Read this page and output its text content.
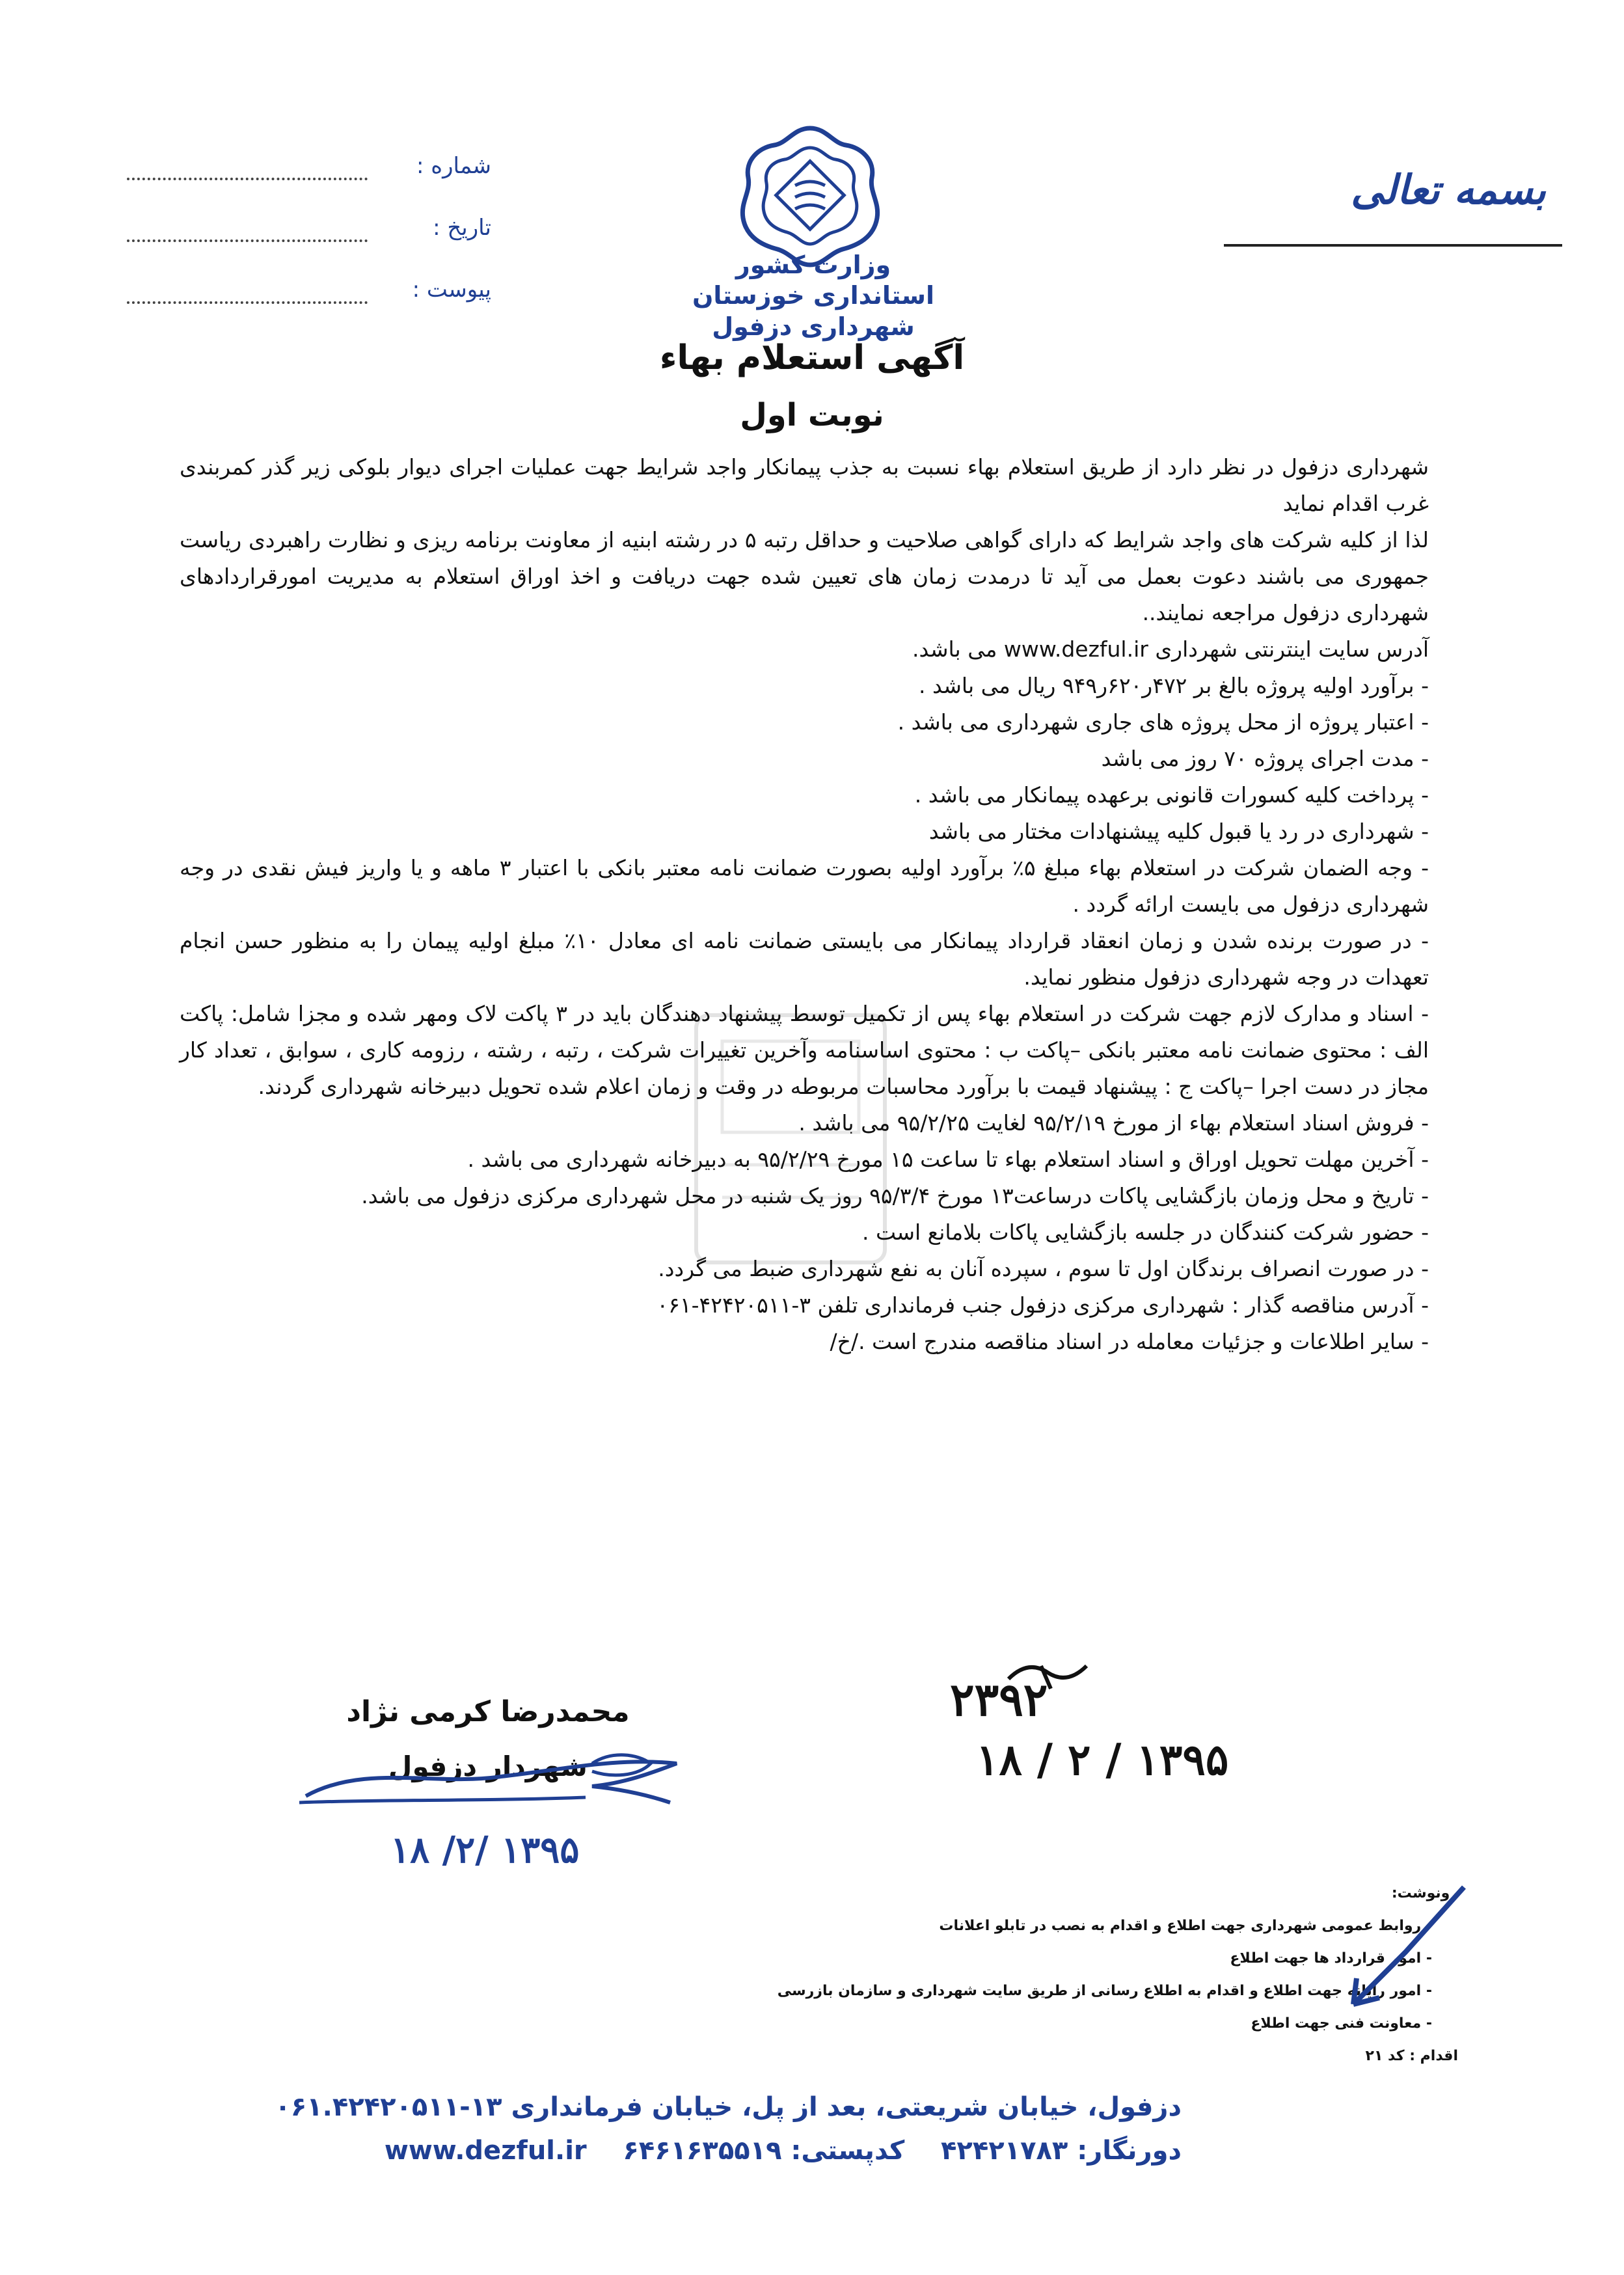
شماره :
تاریخ :
پیوست :
بسمه تعالی
وزارت کشور
استانداری خوزستان
شهرداری دزفول
آگهی استعلام بهاء
نوبت اول

شهرداری دزفول در نظر دارد از طریق استعلام بهاء نسبت به جذب پیمانکار واجد شرایط جهت عملیات اجرای دیوار بلوکی زیر گذر کمربندی غرب اقدام نماید

لذا از کلیه شرکت های واجد شرایط که دارای گواهی صلاحیت و حداقل رتبه ۵ در رشته ابنیه از معاونت برنامه ریزی و نظارت راهبردی ریاست جمهوری می باشند دعوت بعمل می آید تا درمدت زمان های تعیین شده جهت دریافت و اخذ اوراق استعلام به مدیریت امورقراردادهای شهرداری دزفول مراجعه نمایند..

آدرس سایت اینترنتی شهرداری www.dezful.ir می باشد.

- برآورد اولیه پروژه بالغ بر ۴۷۲ر۶۲۰ر۹۴۹ ریال می باشد .

- اعتبار پروژه از محل پروژه های جاری شهرداری می باشد .

- مدت اجرای پروژه ۷۰ روز می باشد

- پرداخت کلیه کسورات قانونی برعهده پیمانکار می باشد .

- شهرداری در رد یا قبول کلیه پیشنهادات مختار می باشد

- وجه الضمان شرکت در استعلام بهاء مبلغ ۵٪ برآورد اولیه بصورت ضمانت نامه معتبر بانکی با اعتبار ۳ ماهه و یا واریز فیش نقدی در وجه شهرداری دزفول می بایست ارائه گردد .

- در صورت برنده شدن و زمان انعقاد قرارداد پیمانکار می بایستی ضمانت نامه ای معادل ۱۰٪ مبلغ اولیه پیمان را به منظور حسن انجام تعهدات در وجه شهرداری دزفول منظور نماید.

- اسناد و مدارک لازم جهت شرکت در استعلام بهاء پس از تکمیل توسط پیشنهاد دهندگان باید در ۳ پاکت لاک ومهر شده و مجزا شامل: پاکت الف : محتوی ضمانت نامه معتبر بانکی –پاکت ب : محتوی اساسنامه وآخرین تغییرات شرکت ، رتبه ، رشته ، رزومه کاری ، سوابق ، تعداد کار مجاز در دست اجرا –پاکت ج : پیشنهاد قیمت با برآورد محاسبات مربوطه در وقت و زمان اعلام شده تحویل دبیرخانه شهرداری گردند.

- فروش اسناد استعلام بهاء از مورخ ۹۵/۲/۱۹ لغایت ۹۵/۲/۲۵ می باشد .

- آخرین مهلت تحویل اوراق و اسناد استعلام بهاء تا ساعت ۱۵ مورخ ۹۵/۲/۲۹ به دبیرخانه شهرداری می باشد .

- تاریخ و محل وزمان بازگشایی پاکات درساعت۱۳ مورخ ۹۵/۳/۴ روز یک شنبه در محل شهرداری مرکزی دزفول می باشد.

- حضور شرکت کنندگان در جلسه بازگشایی پاکات بلامانع است .

- در صورت انصراف برندگان اول تا سوم ، سپرده آنان به نفع شهرداری ضبط می گردد.

- آدرس مناقصه گذار : شهرداری مرکزی دزفول جنب فرمانداری تلفن ۳-۴۲۴۲۰۵۱۱-۰۶۱

- سایر اطلاعات و جزئیات معامله در اسناد مناقصه مندرج است ./خ/

۲۳۹۲
۱۳۹۵ / ۲ / ۱۸
محمدرضا کرمی نژاد
شهردار دزفول
۱۳۹۵ /۲/ ۱۸
رونوشت:
- روابط عمومی شهرداری جهت اطلاع و اقدام به نصب در تابلو اعلانات
- امور قرارداد ها جهت اطلاع
- امور رایانه جهت اطلاع و اقدام به اطلاع رسانی از طریق سایت شهرداری و سازمان بازرسی
- معاونت فنی جهت اطلاع
اقدام : کد ۲۱
دزفول، خیابان شریعتی، بعد از پل، خیابان فرمانداری ۱۳-۰۶۱.۴۲۴۲۰۵۱۱
دورنگار: ۴۲۴۲۱۷۸۳    کدپستی: ۶۴۶۱۶۳۵۵۱۹    www.dezful.ir
